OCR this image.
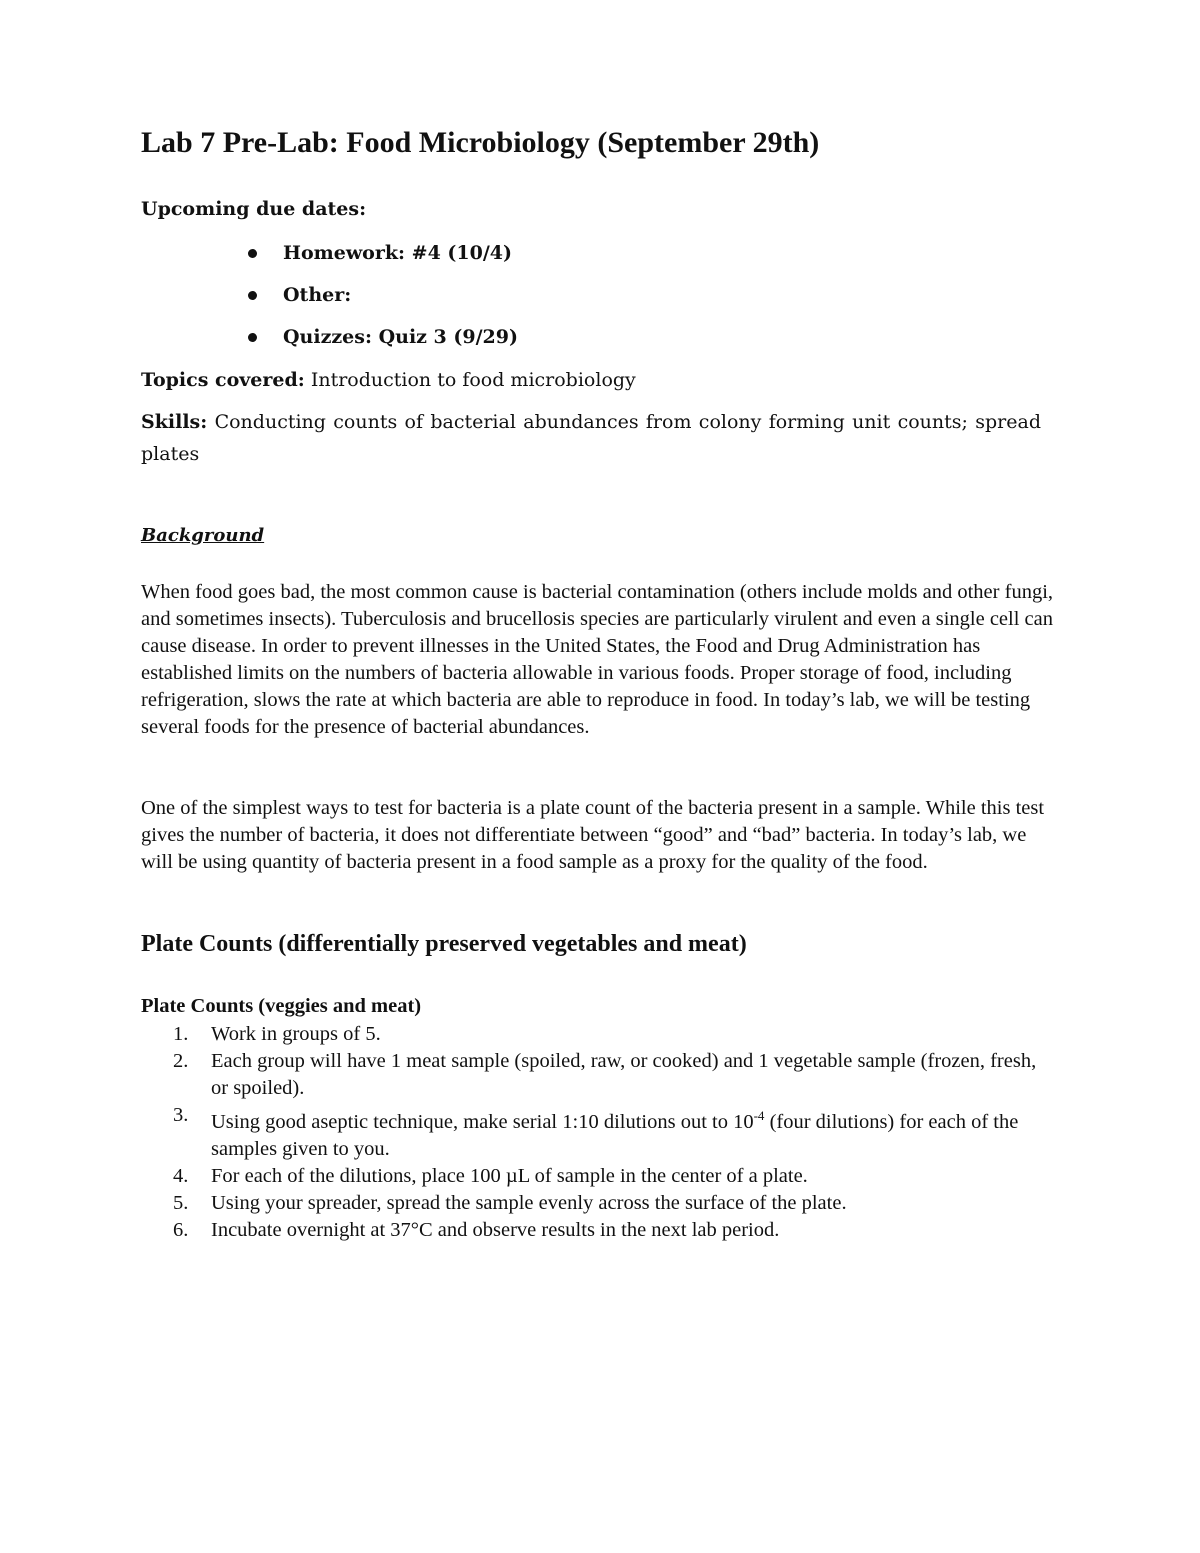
Lab 7 Pre-Lab: Food Microbiology (September 29th)
Upcoming due dates:
Homework: #4 (10/4)
Other:
Quizzes: Quiz 3 (9/29)
Topics covered: Introduction to food microbiology
Skills: Conducting counts of bacterial abundances from colony forming unit counts; spread plates
Background

When food goes bad, the most common cause is bacterial contamination (others include molds and other fungi, and sometimes insects). Tuberculosis and brucellosis species are particularly virulent and even a single cell can cause disease. In order to prevent illnesses in the United States, the Food and Drug Administration has established limits on the numbers of bacteria allowable in various foods. Proper storage of food, including refrigeration, slows the rate at which bacteria are able to reproduce in food. In today’s lab, we will be testing several foods for the presence of bacterial abundances.

One of the simplest ways to test for bacteria is a plate count of the bacteria present in a sample. While this test gives the number of bacteria, it does not differentiate between “good” and “bad” bacteria. In today’s lab, we will be using quantity of bacteria present in a food sample as a proxy for the quality of the food.

Plate Counts (differentially preserved vegetables and meat)
Plate Counts (veggies and meat)
1. Work in groups of 5.
2. Each group will have 1 meat sample (spoiled, raw, or cooked) and 1 vegetable sample (frozen, fresh, or spoiled).
3. Using good aseptic technique, make serial 1:10 dilutions out to $10^{-4}$ (four dilutions) for each of the samples given to you.
4. For each of the dilutions, place 100 µL of sample in the center of a plate.
5. Using your spreader, spread the sample evenly across the surface of the plate.
6. Incubate overnight at 37°C and observe results in the next lab period.
